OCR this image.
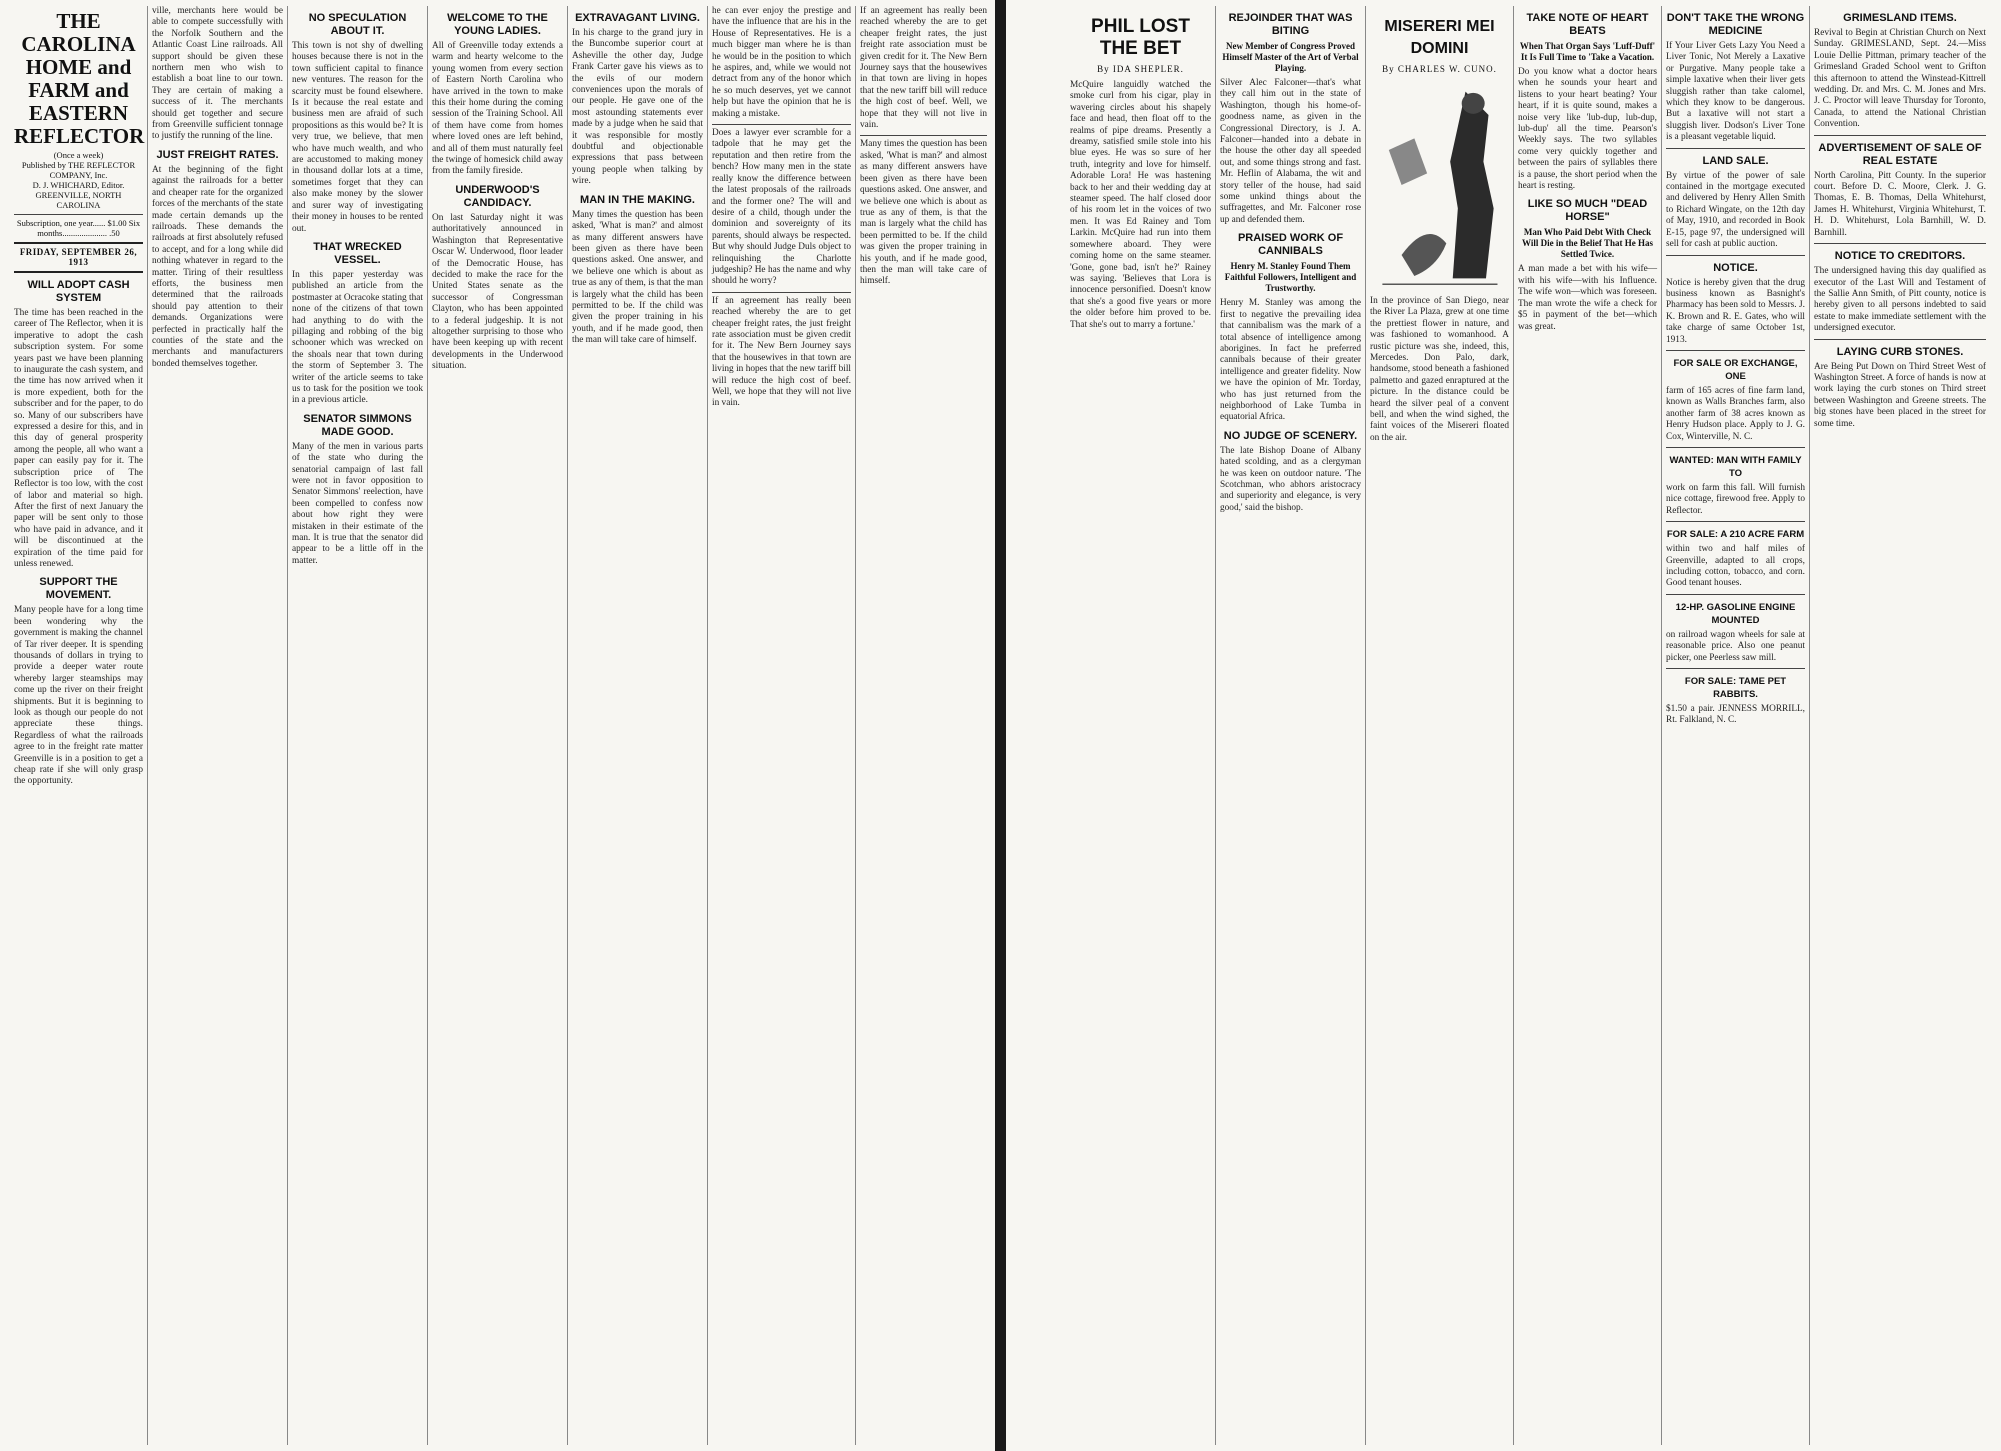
THE CAROLINA HOME and FARM and EASTERN REFLECTOR
(Once a week)
Published by THE REFLECTOR COMPANY, Inc.
D. J. WHICHARD, Editor.
GREENVILLE, NORTH CAROLINA
Subscription, one year...... $1.00 Six months..................... .50
FRIDAY, SEPTEMBER 26, 1913
WILL ADOPT CASH SYSTEM
The time has been reached in the career of The Reflector, when it is imperative to adopt the cash subscription system. For some years past we have been planning to inaugurate the cash system, and the time has now arrived when it is more expedient, both for the subscriber and for the paper, to do so. Many of our subscribers have expressed a desire for this, and in this day of general prosperity among the people, all who want a paper can easily pay for it. The subscription price of The Reflector is too low, with the cost of labor and material so high. After the first of next January the paper will be sent only to those who have paid in advance, and it will be discontinued at the expiration of the time paid for unless renewed.
SUPPORT THE MOVEMENT.
Many people have for a long time been wondering why the government is making the channel of Tar river deeper. It is spending thousands of dollars in trying to provide a deeper water route whereby larger steamships may come up the river on their freight shipments. But it is beginning to look as though our people do not appreciate these things. Regardless of what the railroads agree to in the freight rate matter Greenville is in a position to get a cheap rate if she will only grasp the opportunity.
ville, merchants here would be able to compete successfully with the Norfolk Southern and the Atlantic Coast Line railroads. All support should be given these northern men who wish to establish a boat line to our town. They are certain of making a success of it. The merchants should get together and secure from Greenville sufficient tonnage to justify the running of the line.
JUST FREIGHT RATES.
At the beginning of the fight against the railroads for a better and cheaper rate for the organized forces of the merchants of the state made certain demands up the railroads. These demands the railroads at first absolutely refused to accept, and for a long while did nothing whatever in regard to the matter. Tiring of their resultless efforts, the business men determined that the railroads should pay attention to their demands. Organizations were perfected in practically half the counties of the state and the merchants and manufacturers bonded themselves together.
NO SPECULATION ABOUT IT.
This town is not shy of dwelling houses because there is not in the town sufficient capital to finance new ventures. The reason for the scarcity must be found elsewhere. Is it because the real estate and business men are afraid of such propositions as this would be? It is very true, we believe, that men who have much wealth, and who are accustomed to making money in thousand dollar lots at a time, sometimes forget that they can also make money by the slower and surer way of investigating their money in houses to be rented out.
THAT WRECKED VESSEL.
In this paper yesterday was published an article from the postmaster at Ocracoke stating that none of the citizens of that town had anything to do with the pillaging and robbing of the big schooner which was wrecked on the shoals near that town during the storm of September 3. The writer of the article seems to take us to task for the position we took in a previous article.
SENATOR SIMMONS MADE GOOD.
Many of the men in various parts of the state who during the senatorial campaign of last fall were not in favor opposition to Senator Simmons' reelection, have been compelled to confess now about how right they were mistaken in their estimate of the man. It is true that the senator did appear to be a little off in the matter.
WELCOME TO THE YOUNG LADIES.
All of Greenville today extends a warm and hearty welcome to the young women from every section of Eastern North Carolina who have arrived in the town to make this their home during the coming session of the Training School. All of them have come from homes where loved ones are left behind, and all of them must naturally feel the twinge of homesick child away from the family fireside.
UNDERWOOD'S CANDIDACY.
On last Saturday night it was authoritatively announced in Washington that Representative Oscar W. Underwood, floor leader of the Democratic House, has decided to make the race for the United States senate as the successor of Congressman Clayton, who has been appointed to a federal judgeship. It is not altogether surprising to those who have been keeping up with recent developments in the Underwood situation.
EXTRAVAGANT LIVING.
In his charge to the grand jury in the Buncombe superior court at Asheville the other day, Judge Frank Carter gave his views as to the evils of our modern conveniences upon the morals of our people. He gave one of the most astounding statements ever made by a judge when he said that it was responsible for mostly doubtful and objectionable expressions that pass between young people when talking by wire.
MAN IN THE MAKING.
Many times the question has been asked, 'What is man?' and almost as many different answers have been given as there have been questions asked. One answer, and we believe one which is about as true as any of them, is that the man is largely what the child has been permitted to be. If the child was given the proper training in his youth, and if he made good, then the man will take care of himself.
he can ever enjoy the prestige and have the influence that are his in the House of Representatives. He is a much bigger man where he is than he would be in the position to which he aspires, and, while we would not detract from any of the honor which he so much deserves, yet we cannot help but have the opinion that he is making a mistake.
Does a lawyer ever scramble for a tadpole that he may get the reputation and then retire from the bench? How many men in the state really know the difference between the latest proposals of the railroads and the former one? The will and desire of a child, though under the dominion and sovereignty of its parents, should always be respected. But why should Judge Duls object to relinquishing the Charlotte judgeship? He has the name and why should he worry?
If an agreement has really been reached whereby the are to get cheaper freight rates, the just freight rate association must be given credit for it. The New Bern Journey says that the housewives in that town are living in hopes that the new tariff bill will reduce the high cost of beef. Well, we hope that they will not live in vain.
If an agreement has really been reached whereby the are to get cheaper freight rates, the just freight rate association must be given credit for it. The New Bern Journey says that the housewives in that town are living in hopes that the new tariff bill will reduce the high cost of beef. Well, we hope that they will not live in vain.
Many times the question has been asked, 'What is man?' and almost as many different answers have been given as there have been questions asked. One answer, and we believe one which is about as true as any of them, is that the man is largely what the child has been permitted to be. If the child was given the proper training in his youth, and if he made good, then the man will take care of himself.
PHIL LOST THE BET
By IDA SHEPLER.
McQuire languidly watched the smoke curl from his cigar, play in wavering circles about his shapely face and head, then float off to the realms of pipe dreams. Presently a dreamy, satisfied smile stole into his blue eyes. He was so sure of her truth, integrity and love for himself. Adorable Lora! He was hastening back to her and their wedding day at steamer speed. The half closed door of his room let in the voices of two men. It was Ed Rainey and Tom Larkin. McQuire had run into them somewhere aboard. They were coming home on the same steamer. 'Gone, gone bad, isn't he?' Rainey was saying. 'Believes that Lora is innocence personified. Doesn't know that she's a good five years or more the older before him proved to be. That she's out to marry a fortune.'
REJOINDER THAT WAS BITING
New Member of Congress Proved Himself Master of the Art of Verbal Playing.
Silver Alec Falconer—that's what they call him out in the state of Washington, though his home-of-goodness name, as given in the Congressional Directory, is J. A. Falconer—handed into a debate in the house the other day all speeded out, and some things strong and fast. Mr. Heflin of Alabama, the wit and story teller of the house, had said some unkind things about the suffragettes, and Mr. Falconer rose up and defended them.
PRAISED WORK OF CANNIBALS
Henry M. Stanley Found Them Faithful Followers, Intelligent and Trustworthy.
Henry M. Stanley was among the first to negative the prevailing idea that cannibalism was the mark of a total absence of intelligence among aborigines. In fact he preferred cannibals because of their greater intelligence and greater fidelity. Now we have the opinion of Mr. Torday, who has just returned from the neighborhood of Lake Tumba in equatorial Africa.
NO JUDGE OF SCENERY.
The late Bishop Doane of Albany hated scolding, and as a clergyman he was keen on outdoor nature. 'The Scotchman, who abhors aristocracy and superiority and elegance, is very good,' said the bishop.
MISERERI MEI DOMINI
By CHARLES W. CUNO.
In the province of San Diego, near the River La Plaza, grew at one time the prettiest flower in nature, and was fashioned to womanhood. A rustic picture was she, indeed, this, Mercedes. Don Palo, dark, handsome, stood beneath a fashioned palmetto and gazed enraptured at the picture. In the distance could be heard the silver peal of a convent bell, and when the wind sighed, the faint voices of the Misereri floated on the air.
TAKE NOTE OF HEART BEATS
When That Organ Says 'Luff-Duff' It Is Full Time to 'Take a Vacation.
Do you know what a doctor hears when he sounds your heart and listens to your heart beating? Your heart, if it is quite sound, makes a noise very like 'lub-dup, lub-dup, lub-dup' all the time. Pearson's Weekly says. The two syllables come very quickly together and between the pairs of syllables there is a pause, the short period when the heart is resting.
LIKE SO MUCH "DEAD HORSE"
Man Who Paid Debt With Check Will Die in the Belief That He Has Settled Twice.
A man made a bet with his wife—with his wife—with his Influence. The wife won—which was foreseen. The man wrote the wife a check for $5 in payment of the bet—which was great.
DON'T TAKE THE WRONG MEDICINE
If Your Liver Gets Lazy You Need a Liver Tonic, Not Merely a Laxative or Purgative. Many people take a simple laxative when their liver gets sluggish rather than take calomel, which they know to be dangerous. But a laxative will not start a sluggish liver. Dodson's Liver Tone is a pleasant vegetable liquid.
LAND SALE.
By virtue of the power of sale contained in the mortgage executed and delivered by Henry Allen Smith to Richard Wingate, on the 12th day of May, 1910, and recorded in Book E-15, page 97, the undersigned will sell for cash at public auction.
NOTICE.
Notice is hereby given that the drug business known as Basnight's Pharmacy has been sold to Messrs. J. K. Brown and R. E. Gates, who will take charge of same October 1st, 1913.
FOR SALE OR EXCHANGE, ONE
farm of 165 acres of fine farm land, known as Walls Branches farm, also another farm of 38 acres known as Henry Hudson place. Apply to J. G. Cox, Winterville, N. C.
WANTED: MAN WITH FAMILY TO
work on farm this fall. Will furnish nice cottage, firewood free. Apply to Reflector.
FOR SALE: A 210 ACRE FARM
within two and half miles of Greenville, adapted to all crops, including cotton, tobacco, and corn. Good tenant houses.
12-HP. GASOLINE ENGINE MOUNTED
on railroad wagon wheels for sale at reasonable price. Also one peanut picker, one Peerless saw mill.
FOR SALE: TAME PET RABBITS.
$1.50 a pair. JENNESS MORRILL, Rt. Falkland, N. C.
GRIMESLAND ITEMS.
Revival to Begin at Christian Church on Next Sunday. GRIMESLAND, Sept. 24.—Miss Louie Dellie Pittman, primary teacher of the Grimesland Graded School went to Grifton this afternoon to attend the Winstead-Kittrell wedding. Dr. and Mrs. C. M. Jones and Mrs. J. C. Proctor will leave Thursday for Toronto, Canada, to attend the National Christian Convention.
ADVERTISEMENT OF SALE OF REAL ESTATE
North Carolina, Pitt County. In the superior court. Before D. C. Moore, Clerk. J. G. Thomas, E. B. Thomas, Della Whitehurst, James H. Whitehurst, Virginia Whitehurst, T. H. D. Whitehurst, Lola Barnhill, W. D. Barnhill.
NOTICE TO CREDITORS.
The undersigned having this day qualified as executor of the Last Will and Testament of the Sallie Ann Smith, of Pitt county, notice is hereby given to all persons indebted to said estate to make immediate settlement with the undersigned executor.
LAYING CURB STONES.
Are Being Put Down on Third Street West of Washington Street. A force of hands is now at work laying the curb stones on Third street between Washington and Greene streets. The big stones have been placed in the street for some time.
